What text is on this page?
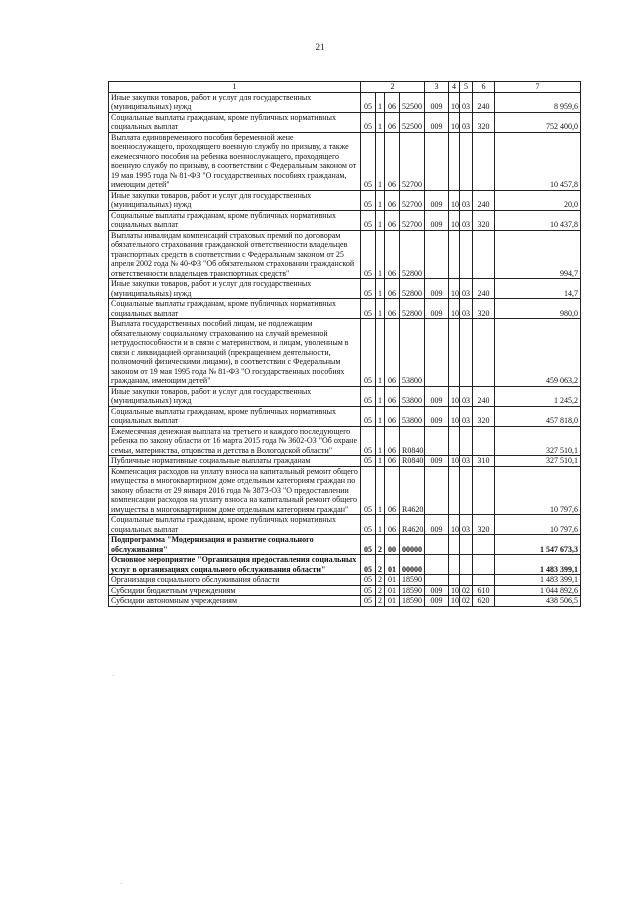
21
1	2				3	4	5	6	7
Иные закупки товаров, работ и услуг для государственных (муниципальных) нужд	05	1	06	52500	009	10	03	240	8 959,6
Социальные выплаты гражданам, кроме публичных нормативных социальных выплат	05	1	06	52500	009	10	03	320	752 400,0
Выплата единовременного пособия беременной жене военнослужащего, проходящего военную службу по призыву, а также ежемесячного пособия на ребенка военнослужащего, проходящего военную службу по призыву, в соответствии с Федеральным законом от 19 мая 1995 года № 81-ФЗ "О государственных пособиях гражданам, имеющим детей"	05	1	06	52700					10 457,8
Иные закупки товаров, работ и услуг для государственных (муниципальных) нужд	05	1	06	52700	009	10	03	240	20,0
Социальные выплаты гражданам, кроме публичных нормативных социальных выплат	05	1	06	52700	009	10	03	320	10 437,8
Выплаты инвалидам компенсаций страховых премий по договорам обязательного страхования гражданской ответственности владельцев транспортных средств в соответствии с Федеральным законом от 25 апреля 2002 года № 40-ФЗ "Об обязательном страховании гражданской ответственности владельцев транспортных средств"	05	1	06	52800					994,7
Иные закупки товаров, работ и услуг для государственных (муниципальных) нужд	05	1	06	52800	009	10	03	240	14,7
Социальные выплаты гражданам, кроме публичных нормативных социальных выплат	05	1	06	52800	009	10	03	320	980,0
Выплата государственных пособий лицам, не подлежащим обязательному социальному страхованию на случай временной нетрудоспособности и в связи с материнством, и лицам, уволенным в связи с ликвидацией организаций (прекращением деятельности, полномочий физическими лицами), в соответствии с Федеральным законом от 19 мая 1995 года № 81-ФЗ "О государственных пособиях гражданам, имеющим детей"	05	1	06	53800					459 063,2
Иные закупки товаров, работ и услуг для государственных (муниципальных) нужд	05	1	06	53800	009	10	03	240	1 245,2
Социальные выплаты гражданам, кроме публичных нормативных социальных выплат	05	1	06	53800	009	10	03	320	457 818,0
Ежемесячная денежная выплата на третьего и каждого последующего ребенка по закону области от 16 марта 2015 года № 3602-ОЗ "Об охране семьи, материнства, отцовства и детства в Вологодской области"	05	1	06	R0840					327 510,1
Публичные нормативные социальные выплаты гражданам	05	1	06	R0840	009	10	03	310	327 510,1
Компенсация расходов на уплату взноса на капитальный ремонт общего имущества в многоквартирном доме отдельным категориям граждан по закону области от 29 января 2016 года № 3873-ОЗ "О предоставлении компенсации расходов на уплату взноса на капитальный ремонт общего имущества в многоквартирном доме отдельным категориям граждан"	05	1	06	R4620					10 797,6
Социальные выплаты гражданам, кроме публичных нормативных социальных выплат	05	1	06	R4620	009	10	03	320	10 797,6
Подпрограмма "Модернизация и развитие социального обслуживания"	05	2	00	00000					1 547 673,3
Основное мероприятие "Организация предоставления социальных услуг в организациях социального обслуживания области"	05	2	01	00000					1 483 399,1
Организация социального обслуживания области	05	2	01	18590					1 483 399,1
Субсидии бюджетным учреждениям	05	2	01	18590	009	10	02	610	1 044 892,6
Субсидии автономным учреждениям	05	2	01	18590	009	10	02	620	438 506,5
·
·
